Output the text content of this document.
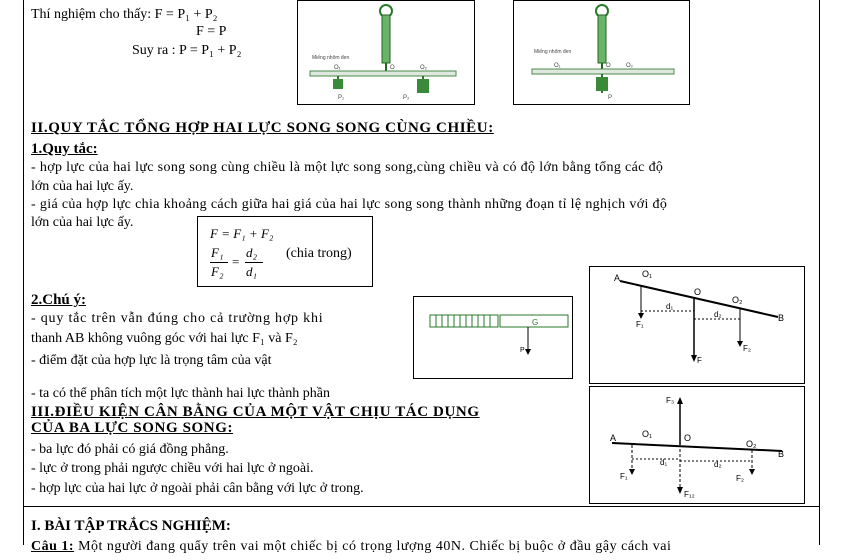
Thí nghiệm cho thấy: F = P₁ + P₂
F = P
Suy ra : P = P₁ + P₂	Miếng nhôm đen
O₁	O	O₂
P₁	P₂
Miếng nhôm đen
O₁	O	O₂
P
II.QUY TẮC TỔNG HỢP HAI LỰC SONG SONG CÙNG CHIỀU:
1.Quy tắc:
- hợp lực của hai lực song song cùng chiều là một lực song song,cùng chiều và có độ lớn bằng tổng các độ
lớn của hai lực ấy.
- giá của hợp lực chia khoảng cách giữa hai giá của hai lực song song thành những đoạn tỉ lệ nghịch với độ
lớn của hai lực ấy.
F = F₁ + F₂
F₁
F₂
=
d₂
d₁
(chia trong)
2.Chú ý:
- quy tắc trên vẫn đúng cho cả trường hợp khi
thanh AB không vuông góc với hai lực F₁ và F₂
- điểm đặt của hợp lực là trọng tâm của vật
- ta có thể phân tích một lực thành hai lực thành phần
G
P
A O₁
O
O₂
B
F₁
F
F₂
d₁
d₂
III.ĐIỀU KIỆN CÂN BẰNG CỦA MỘT VẬT CHỊU TÁC DỤNG
CỦA BA LỰC SONG SONG:
- ba lực đó phải có giá đồng phẳng.
- lực ở trong phải ngược chiều với hai lực ở ngoài.
- hợp lực của hai lực ở ngoài phải cân bằng với lực ở trong.
A	O₁	O
O₂
B
F₃
F₁₂
F₁	F₂
d₁	d₂
I. BÀI TẬP TRẮCS NGHIỆM:
Câu 1: Một người đang quẩy trên vai một chiếc bị có trọng lượng 40N. Chiếc bị buộc ở đầu gậy cách vai
